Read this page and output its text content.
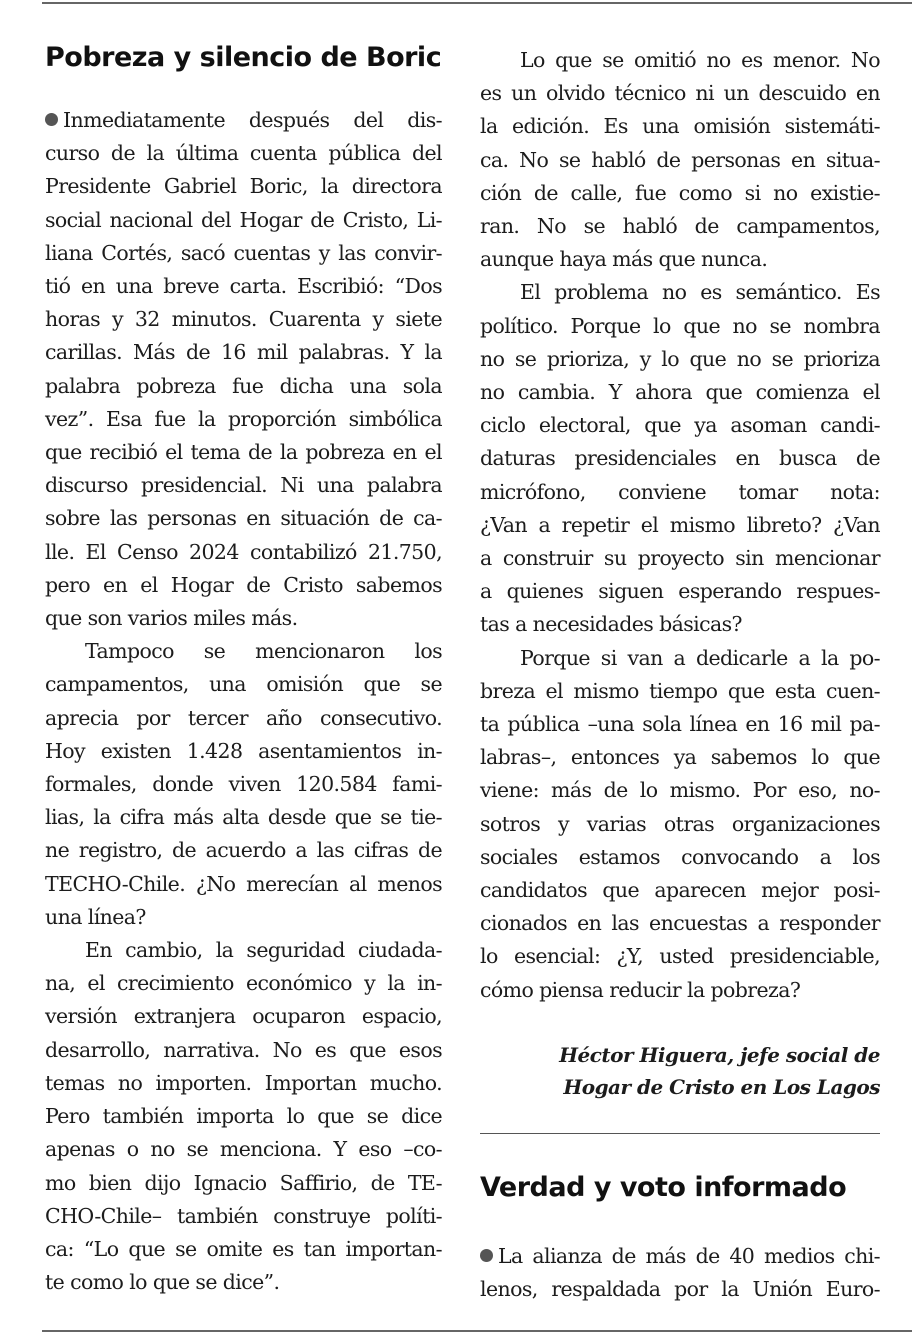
Pobreza y silencio de Boric
Inmediatamente después del dis-
curso de la última cuenta pública del
Presidente Gabriel Boric, la directora
social nacional del Hogar de Cristo, Li-
liana Cortés, sacó cuentas y las convir-
tió en una breve carta. Escribió: “Dos
horas y 32 minutos. Cuarenta y siete
carillas. Más de 16 mil palabras. Y la
palabra pobreza fue dicha una sola
vez”. Esa fue la proporción simbólica
que recibió el tema de la pobreza en el
discurso presidencial. Ni una palabra
sobre las personas en situación de ca-
lle. El Censo 2024 contabilizó 21.750,
pero en el Hogar de Cristo sabemos
que son varios miles más.
Tampoco se mencionaron los
campamentos, una omisión que se
aprecia por tercer año consecutivo.
Hoy existen 1.428 asentamientos in-
formales, donde viven 120.584 fami-
lias, la cifra más alta desde que se tie-
ne registro, de acuerdo a las cifras de
TECHO-Chile. ¿No merecían al menos
una línea?
En cambio, la seguridad ciudada-
na, el crecimiento económico y la in-
versión extranjera ocuparon espacio,
desarrollo, narrativa. No es que esos
temas no importen. Importan mucho.
Pero también importa lo que se dice
apenas o no se menciona. Y eso –co-
mo bien dijo Ignacio Saffirio, de TE-
CHO-Chile– también construye políti-
ca: “Lo que se omite es tan importan-
te como lo que se dice”.
Lo que se omitió no es menor. No
es un olvido técnico ni un descuido en
la edición. Es una omisión sistemáti-
ca. No se habló de personas en situa-
ción de calle, fue como si no existie-
ran. No se habló de campamentos,
aunque haya más que nunca.
El problema no es semántico. Es
político. Porque lo que no se nombra
no se prioriza, y lo que no se prioriza
no cambia. Y ahora que comienza el
ciclo electoral, que ya asoman candi-
daturas presidenciales en busca de
micrófono, conviene tomar nota:
¿Van a repetir el mismo libreto? ¿Van
a construir su proyecto sin mencionar
a quienes siguen esperando respues-
tas a necesidades básicas?
Porque si van a dedicarle a la po-
breza el mismo tiempo que esta cuen-
ta pública –una sola línea en 16 mil pa-
labras–, entonces ya sabemos lo que
viene: más de lo mismo. Por eso, no-
sotros y varias otras organizaciones
sociales estamos convocando a los
candidatos que aparecen mejor posi-
cionados en las encuestas a responder
lo esencial: ¿Y, usted presidenciable,
cómo piensa reducir la pobreza?
Héctor Higuera, jefe social de
Hogar de Cristo en Los Lagos
Verdad y voto informado
La alianza de más de 40 medios chi-
lenos, respaldada por la Unión Euro-
